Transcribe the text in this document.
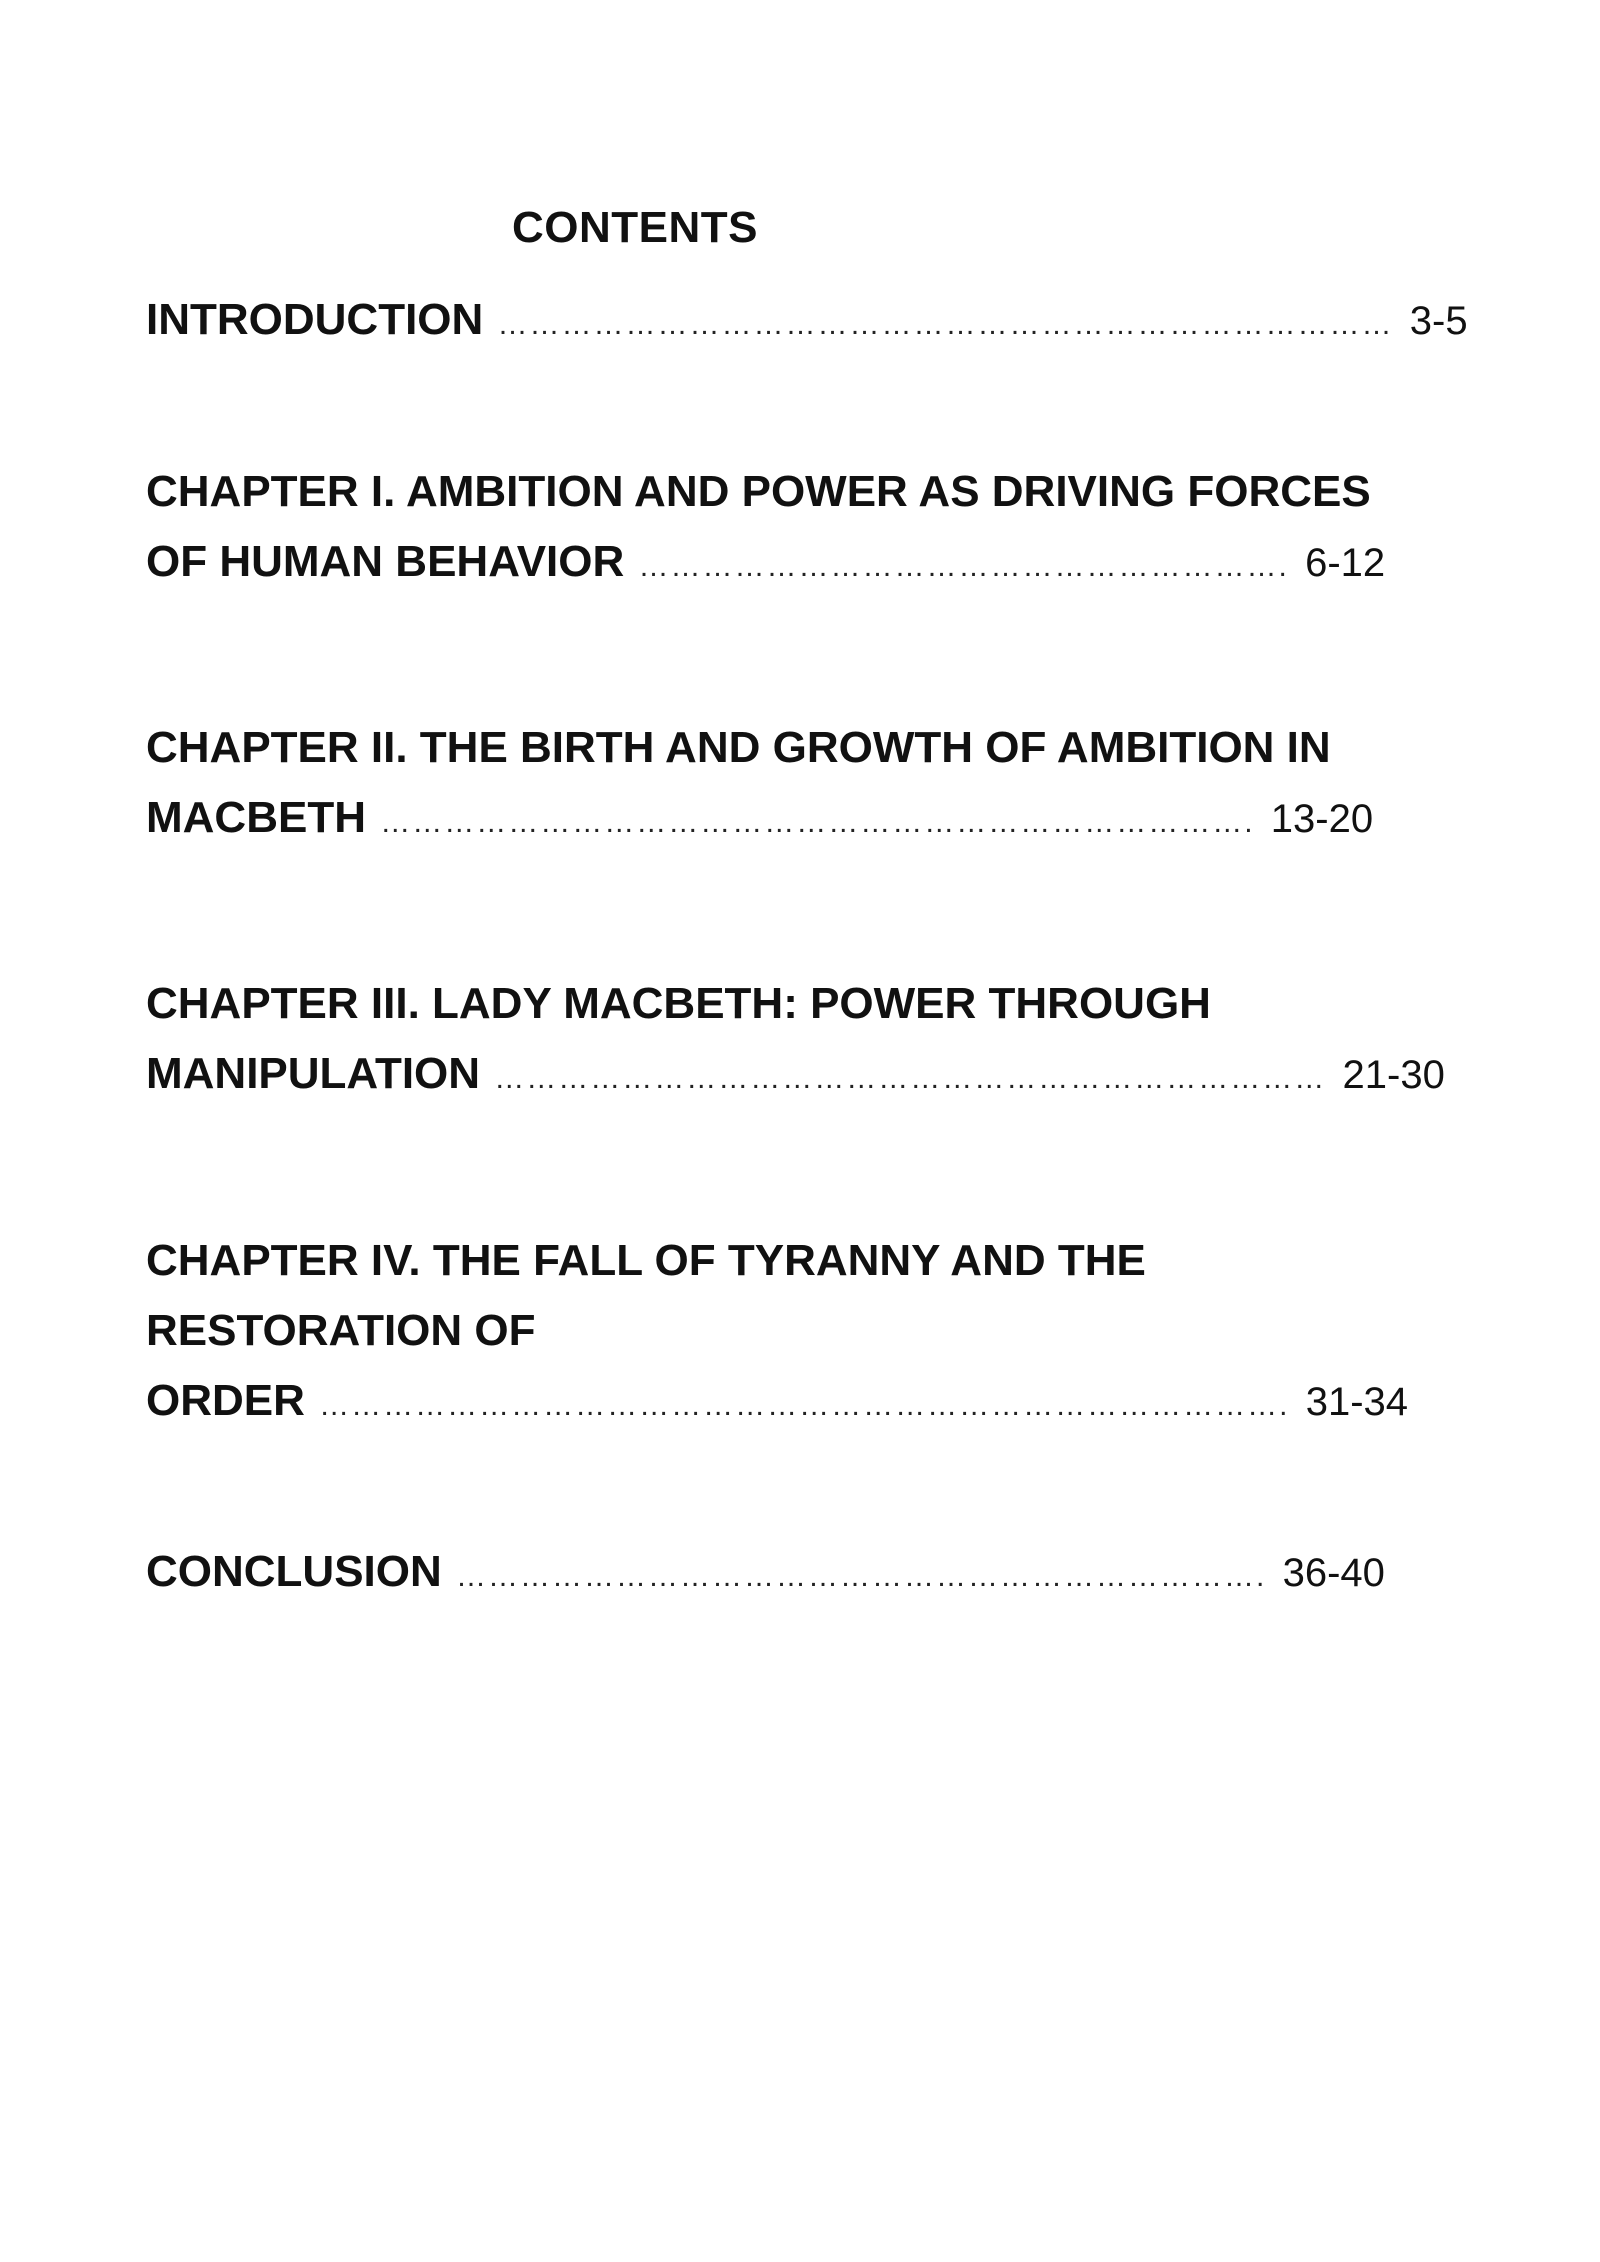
CONTENTS
INTRODUCTION ………………………………………………………………………… 3-5
CHAPTER I. AMBITION AND POWER AS DRIVING FORCES
OF HUMAN BEHAVIOR ……………………………………………………. 6-12
CHAPTER II. THE BIRTH AND GROWTH OF AMBITION IN
MACBETH ………………………………………………………………………. 13-20
CHAPTER III. LADY MACBETH: POWER THROUGH
MANIPULATION …………………………………………………………………… 21-30
CHAPTER IV. THE FALL OF TYRANNY AND THE
RESTORATION OF
ORDER ………………………………………………………………………………. 31-34
CONCLUSION …………………………………………………………………. 36-40
